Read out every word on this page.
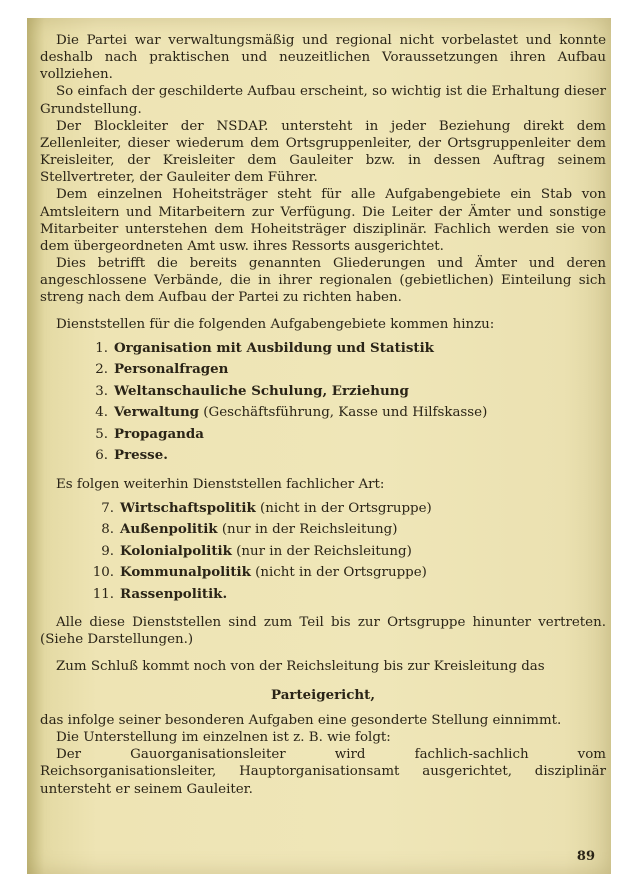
Die Partei war verwaltungsmäßig und regional nicht vorbelastet und konnte deshalb nach praktischen und neuzeitlichen Voraussetzungen ihren Aufbau vollziehen.

So einfach der geschilderte Aufbau erscheint, so wichtig ist die Erhaltung dieser Grundstellung.

Der Blockleiter der NSDAP. untersteht in jeder Beziehung direkt dem Zellenleiter, dieser wiederum dem Ortsgruppenleiter, der Ortsgruppenleiter dem Kreisleiter, der Kreisleiter dem Gauleiter bzw. in dessen Auftrag seinem Stellvertreter, der Gauleiter dem Führer.

Dem einzelnen Hoheitsträger steht für alle Aufgabengebiete ein Stab von Amtsleitern und Mitarbeitern zur Verfügung. Die Leiter der Ämter und sonstige Mitarbeiter unterstehen dem Hoheitsträger disziplinär. Fachlich werden sie von dem übergeordneten Amt usw. ihres Ressorts ausgerichtet.

Dies betrifft die bereits genannten Gliederungen und Ämter und deren angeschlossene Verbände, die in ihrer regionalen (gebietlichen) Einteilung sich streng nach dem Aufbau der Partei zu richten haben.

Dienststellen für die folgenden Aufgabengebiete kommen hinzu:

1. Organisation mit Ausbildung und Statistik
2. Personalfragen
3. Weltanschauliche Schulung, Erziehung
4. Verwaltung (Geschäftsführung, Kasse und Hilfskasse)
5. Propaganda
6. Presse.

Es folgen weiterhin Dienststellen fachlicher Art:

7. Wirtschaftspolitik (nicht in der Ortsgruppe)
8. Außenpolitik (nur in der Reichsleitung)
9. Kolonialpolitik (nur in der Reichsleitung)
10. Kommunalpolitik (nicht in der Ortsgruppe)
11. Rassenpolitik.

Alle diese Dienststellen sind zum Teil bis zur Ortsgruppe hinunter vertreten. (Siehe Darstellungen.)

Zum Schluß kommt noch von der Reichsleitung bis zur Kreisleitung das

Parteigericht,

das infolge seiner besonderen Aufgaben eine gesonderte Stellung einnimmt.

Die Unterstellung im einzelnen ist z. B. wie folgt:

Der Gauorganisationsleiter wird fachlich-sachlich vom Reichsorganisationsleiter, Hauptorganisationsamt ausgerichtet, disziplinär untersteht er seinem Gauleiter.

89
